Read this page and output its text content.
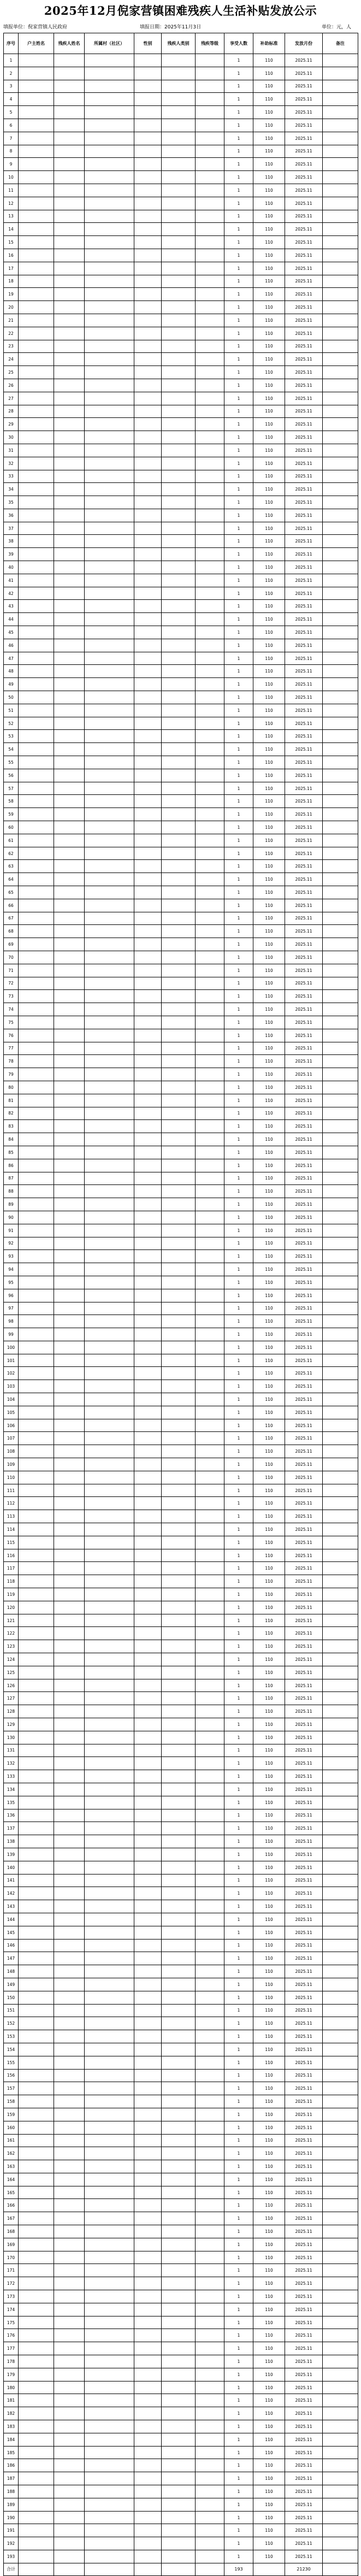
2025年12月倪家营镇困难残疾人生活补贴发放公示
填报单位：倪家营镇人民政府	填报日期：2025年11月3日	单位：元，人
序号	户主姓名	残疾人姓名	所属村（社区）	性别	残疾人类别	残疾等级	享受人数	补助标准	发放月份	备注
1							1	110	2025.11	
2							1	110	2025.11	
3							1	110	2025.11	
4							1	110	2025.11	
5							1	110	2025.11	
6							1	110	2025.11	
7							1	110	2025.11	
8							1	110	2025.11	
9							1	110	2025.11	
10							1	110	2025.11	
11							1	110	2025.11	
12							1	110	2025.11	
13							1	110	2025.11	
14							1	110	2025.11	
15							1	110	2025.11	
16							1	110	2025.11	
17							1	110	2025.11	
18							1	110	2025.11	
19							1	110	2025.11	
20							1	110	2025.11	
21							1	110	2025.11	
22							1	110	2025.11	
23							1	110	2025.11	
24							1	110	2025.11	
25							1	110	2025.11	
26							1	110	2025.11	
27							1	110	2025.11	
28							1	110	2025.11	
29							1	110	2025.11	
30							1	110	2025.11	
31							1	110	2025.11	
32							1	110	2025.11	
33							1	110	2025.11	
34							1	110	2025.11	
35							1	110	2025.11	
36							1	110	2025.11	
37							1	110	2025.11	
38							1	110	2025.11	
39							1	110	2025.11	
40							1	110	2025.11	
41							1	110	2025.11	
42							1	110	2025.11	
43							1	110	2025.11	
44							1	110	2025.11	
45							1	110	2025.11	
46							1	110	2025.11	
47							1	110	2025.11	
48							1	110	2025.11	
49							1	110	2025.11	
50							1	110	2025.11	
51							1	110	2025.11	
52							1	110	2025.11	
53							1	110	2025.11	
54							1	110	2025.11	
55							1	110	2025.11	
56							1	110	2025.11	
57							1	110	2025.11	
58							1	110	2025.11	
59							1	110	2025.11	
60							1	110	2025.11	
61							1	110	2025.11	
62							1	110	2025.11	
63							1	110	2025.11	
64							1	110	2025.11	
65							1	110	2025.11	
66							1	110	2025.11	
67							1	110	2025.11	
68							1	110	2025.11	
69							1	110	2025.11	
70							1	110	2025.11	
71							1	110	2025.11	
72							1	110	2025.11	
73							1	110	2025.11	
74							1	110	2025.11	
75							1	110	2025.11	
76							1	110	2025.11	
77							1	110	2025.11	
78							1	110	2025.11	
79							1	110	2025.11	
80							1	110	2025.11	
81							1	110	2025.11	
82							1	110	2025.11	
83							1	110	2025.11	
84							1	110	2025.11	
85							1	110	2025.11	
86							1	110	2025.11	
87							1	110	2025.11	
88							1	110	2025.11	
89							1	110	2025.11	
90							1	110	2025.11	
91							1	110	2025.11	
92							1	110	2025.11	
93							1	110	2025.11	
94							1	110	2025.11	
95							1	110	2025.11	
96							1	110	2025.11	
97							1	110	2025.11	
98							1	110	2025.11	
99							1	110	2025.11	
100							1	110	2025.11	
101							1	110	2025.11	
102							1	110	2025.11	
103							1	110	2025.11	
104							1	110	2025.11	
105							1	110	2025.11	
106							1	110	2025.11	
107							1	110	2025.11	
108							1	110	2025.11	
109							1	110	2025.11	
110							1	110	2025.11	
111							1	110	2025.11	
112							1	110	2025.11	
113							1	110	2025.11	
114							1	110	2025.11	
115							1	110	2025.11	
116							1	110	2025.11	
117							1	110	2025.11	
118							1	110	2025.11	
119							1	110	2025.11	
120							1	110	2025.11	
121							1	110	2025.11	
122							1	110	2025.11	
123							1	110	2025.11	
124							1	110	2025.11	
125							1	110	2025.11	
126							1	110	2025.11	
127							1	110	2025.11	
128							1	110	2025.11	
129							1	110	2025.11	
130							1	110	2025.11	
131							1	110	2025.11	
132							1	110	2025.11	
133							1	110	2025.11	
134							1	110	2025.11	
135							1	110	2025.11	
136							1	110	2025.11	
137							1	110	2025.11	
138							1	110	2025.11	
139							1	110	2025.11	
140							1	110	2025.11	
141							1	110	2025.11	
142							1	110	2025.11	
143							1	110	2025.11	
144							1	110	2025.11	
145							1	110	2025.11	
146							1	110	2025.11	
147							1	110	2025.11	
148							1	110	2025.11	
149							1	110	2025.11	
150							1	110	2025.11	
151							1	110	2025.11	
152							1	110	2025.11	
153							1	110	2025.11	
154							1	110	2025.11	
155							1	110	2025.11	
156							1	110	2025.11	
157							1	110	2025.11	
158							1	110	2025.11	
159							1	110	2025.11	
160							1	110	2025.11	
161							1	110	2025.11	
162							1	110	2025.11	
163							1	110	2025.11	
164							1	110	2025.11	
165							1	110	2025.11	
166							1	110	2025.11	
167							1	110	2025.11	
168							1	110	2025.11	
169							1	110	2025.11	
170							1	110	2025.11	
171							1	110	2025.11	
172							1	110	2025.11	
173							1	110	2025.11	
174							1	110	2025.11	
175							1	110	2025.11	
176							1	110	2025.11	
177							1	110	2025.11	
178							1	110	2025.11	
179							1	110	2025.11	
180							1	110	2025.11	
181							1	110	2025.11	
182							1	110	2025.11	
183							1	110	2025.11	
184							1	110	2025.11	
185							1	110	2025.11	
186							1	110	2025.11	
187							1	110	2025.11	
188							1	110	2025.11	
189							1	110	2025.11	
190							1	110	2025.11	
191							1	110	2025.11	
192							1	110	2025.11	
193							1	110	2025.11	
合计							193		21230	
